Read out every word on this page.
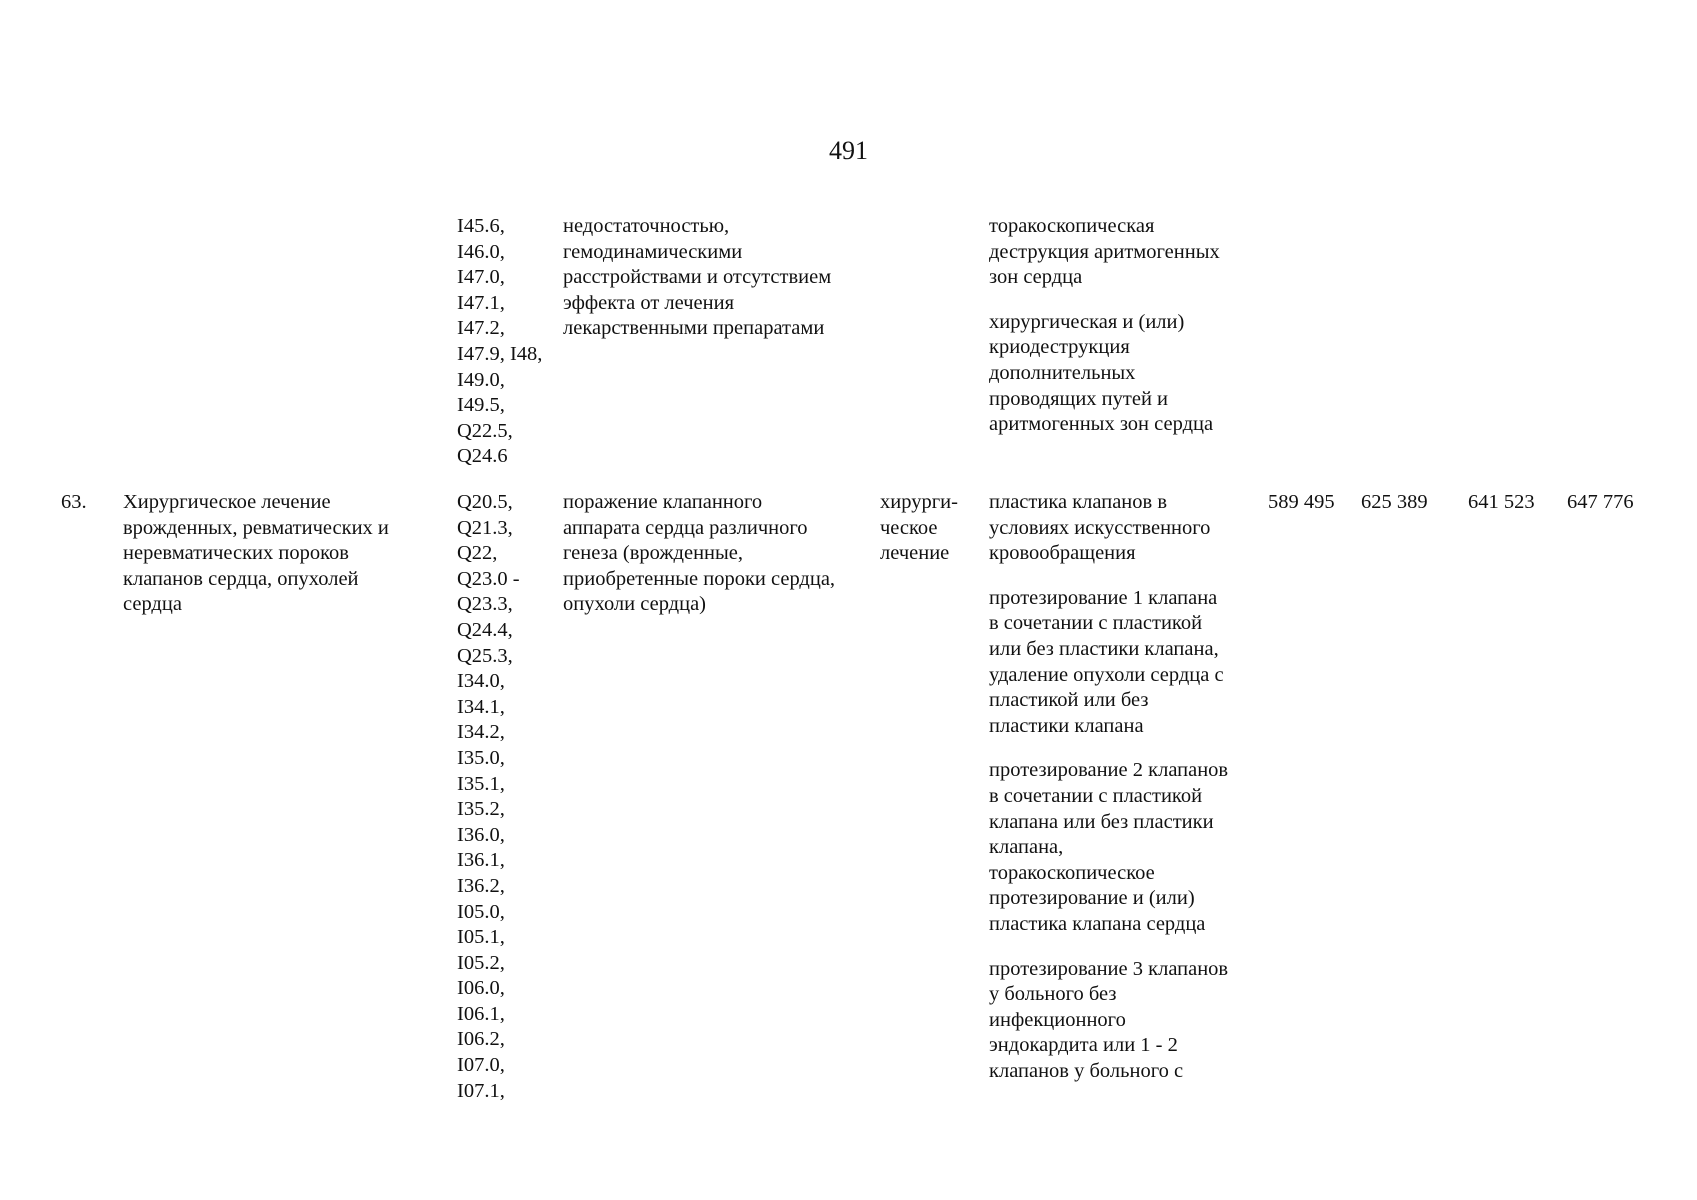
491
I45.6,
I46.0,
I47.0,
I47.1,
I47.2,
I47.9, I48,
I49.0,
I49.5,
Q22.5,
Q24.6
недостаточностью,
гемодинамическими
расстройствами и отсутствием
эффекта от лечения
лекарственными препаратами
торакоскопическая
деструкция аритмогенных
зон сердца
хирургическая и (или)
криодеструкция
дополнительных
проводящих путей и
аритмогенных зон сердца
63. Хирургическое лечение
врожденных, ревматических и
неревматических пороков
клапанов сердца, опухолей
сердца
Q20.5,
Q21.3,
Q22,
Q23.0 -
Q23.3,
Q24.4,
Q25.3,
I34.0,
I34.1,
I34.2,
I35.0,
I35.1,
I35.2,
I36.0,
I36.1,
I36.2,
I05.0,
I05.1,
I05.2,
I06.0,
I06.1,
I06.2,
I07.0,
I07.1,
поражение клапанного
аппарата сердца различного
генеза (врожденные,
приобретенные пороки сердца,
опухоли сердца)
хирурги-
ческое
лечение
пластика клапанов в
условиях искусственного
кровообращения
протезирование 1 клапана
в сочетании с пластикой
или без пластики клапана,
удаление опухоли сердца с
пластикой или без
пластики клапана
протезирование 2 клапанов
в сочетании с пластикой
клапана или без пластики
клапана,
торакоскопическое
протезирование и (или)
пластика клапана сердца
протезирование 3 клапанов
у больного без
инфекционного
эндокардита или 1 - 2
клапанов у больного с
589 495 625 389 641 523 647 776
